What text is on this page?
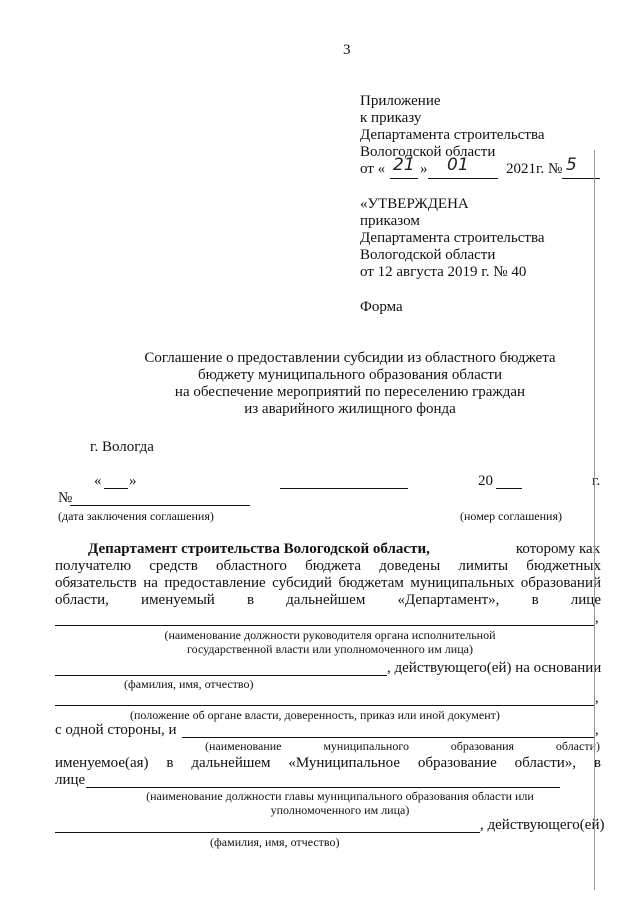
3
Приложение
к приказу
Департамента строительства
Вологодской области
от « 21 » 01 2021г. № 5
«УТВЕРЖДЕНА
приказом
Департамента строительства
Вологодской области
от 12 августа 2019 г. № 40
Форма
Соглашение о предоставлении субсидии из областного бюджета
бюджету муниципального образования области
на обеспечение мероприятий по переселению граждан
из аварийного жилищного фонда
г. Вологда
« »	20	г.
№
(дата заключения соглашения)	(номер соглашения)
Департамент строительства Вологодской области,	которому как
получателю средств областного бюджета доведены лимиты бюджетных
обязательств на предоставление субсидий бюджетам муниципальных образований
области, именуемый в дальнейшем «Департамент», в лице
,
(наименование должности руководителя органа исполнительной
государственной власти или уполномоченного им лица)
, действующего(ей) на основании
(фамилия, имя, отчество)
,
(положение об органе власти, доверенность, приказ или иной документ)
с одной стороны, и	,
(наименование муниципального образования области)
именуемое(ая) в дальнейшем «Муниципальное образование области», в
лице
(наименование должности главы муниципального образования области или
уполномоченного им лица)
, действующего(ей)
(фамилия, имя, отчество)
